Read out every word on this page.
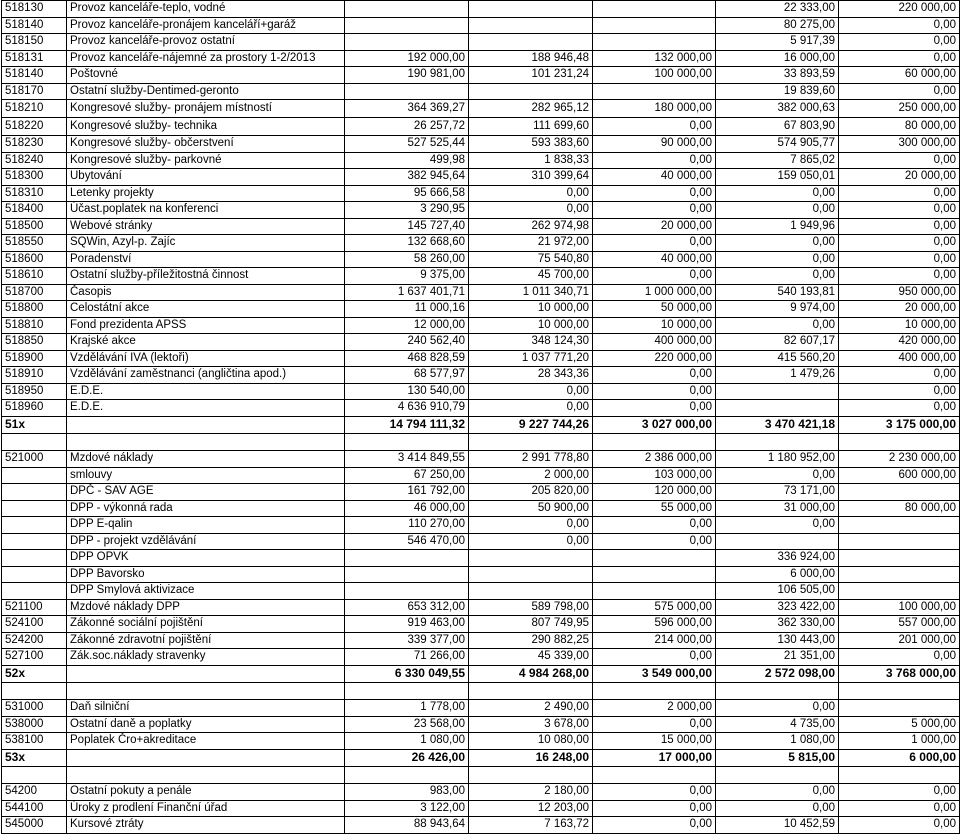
518130	Provoz kanceláře-teplo, vodné				22 333,00	220 000,00
518140	Provoz kanceláře-pronájem kanceláří+garáž				80 275,00	0,00
518150	Provoz kanceláře-provoz ostatní				5 917,39	0,00
518131	Provoz kanceláře-nájemné za prostory 1-2/2013	192 000,00	188 946,48	132 000,00	16 000,00	0,00
518140	Poštovné	190 981,00	101 231,24	100 000,00	33 893,59	60 000,00
518170	Ostatní služby-Dentimed-geronto				19 839,60	0,00
518210	Kongresové služby- pronájem místností	364 369,27	282 965,12	180 000,00	382 000,63	250 000,00
518220	Kongresové služby- technika	26 257,72	111 699,60	0,00	67 803,90	80 000,00
518230	Kongresové služby- občerstvení	527 525,44	593 383,60	90 000,00	574 905,77	300 000,00
518240	Kongresové služby- parkovné	499,98	1 838,33	0,00	7 865,02	0,00
518300	Ubytování	382 945,64	310 399,64	40 000,00	159 050,01	20 000,00
518310	Letenky projekty	95 666,58	0,00	0,00	0,00	0,00
518400	Účast.poplatek na konferenci	3 290,95	0,00	0,00	0,00	0,00
518500	Webové stránky	145 727,40	262 974,98	20 000,00	1 949,96	0,00
518550	SQWin, Azyl-p. Zajíc	132 668,60	21 972,00	0,00	0,00	0,00
518600	Poradenství	58 260,00	75 540,80	40 000,00	0,00	0,00
518610	Ostatní služby-příležitostná činnost	9 375,00	45 700,00	0,00	0,00	0,00
518700	Časopis	1 637 401,71	1 011 340,71	1 000 000,00	540 193,81	950 000,00
518800	Celostátní akce	11 000,16	10 000,00	50 000,00	9 974,00	20 000,00
518810	Fond prezidenta APSS	12 000,00	10 000,00	10 000,00	0,00	10 000,00
518850	Krajské akce	240 562,40	348 124,30	400 000,00	82 607,17	420 000,00
518900	Vzdělávání IVA (lektoři)	468 828,59	1 037 771,20	220 000,00	415 560,20	400 000,00
518910	Vzdělávání zaměstnanci (angličtina apod.)	68 577,97	28 343,36	0,00	1 479,26	0,00
518950	E.D.E.	130 540,00	0,00	0,00		0,00
518960	E.D.E.	4 636 910,79	0,00	0,00		0,00
51x		14 794 111,32	9 227 744,26	3 027 000,00	3 470 421,18	3 175 000,00

521000	Mzdové náklady	3 414 849,55	2 991 778,80	2 386 000,00	1 180 952,00	2 230 000,00
	smlouvy	67 250,00	2 000,00	103 000,00	0,00	600 000,00
	DPČ - SAV AGE	161 792,00	205 820,00	120 000,00	73 171,00	
	DPP - výkonná rada	46 000,00	50 900,00	55 000,00	31 000,00	80 000,00
	DPP E-qalin	110 270,00	0,00	0,00	0,00	
	DPP - projekt vzdělávání	546 470,00	0,00	0,00		
	DPP OPVK				336 924,00	
	DPP Bavorsko				6 000,00	
	DPP Smylová aktivizace				106 505,00	
521100	Mzdové náklady DPP	653 312,00	589 798,00	575 000,00	323 422,00	100 000,00
524100	Zákonné sociální pojištění	919 463,00	807 749,95	596 000,00	362 330,00	557 000,00
524200	Zákonné zdravotní pojištění	339 377,00	290 882,25	214 000,00	130 443,00	201 000,00
527100	Zák.soc.náklady stravenky	71 266,00	45 339,00	0,00	21 351,00	0,00
52x		6 330 049,55	4 984 268,00	3 549 000,00	2 572 098,00	3 768 000,00

531000	Daň silniční	1 778,00	2 490,00	2 000,00	0,00	
538000	Ostatní daně a poplatky	23 568,00	3 678,00	0,00	4 735,00	5 000,00
538100	Poplatek Čro+akreditace	1 080,00	10 080,00	15 000,00	1 080,00	1 000,00
53x		26 426,00	16 248,00	17 000,00	5 815,00	6 000,00

54200	Ostatní pokuty a penále	983,00	2 180,00	0,00	0,00	0,00
544100	Úroky z prodlení Finanční úřad	3 122,00	12 203,00	0,00	0,00	0,00
545000	Kursové ztráty	88 943,64	7 163,72	0,00	10 452,59	0,00
